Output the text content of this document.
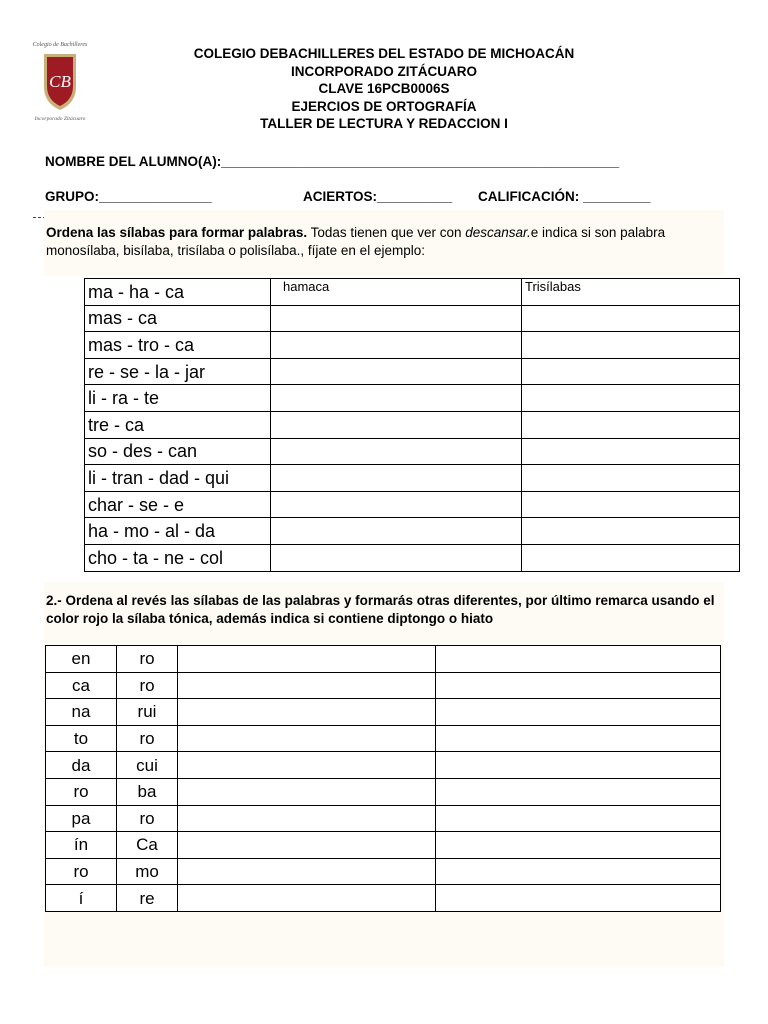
Colegio de Bachilleres
CB
Incorporado Zitácuaro
COLEGIO DEBACHILLERES DEL ESTADO DE MICHOACÁN
INCORPORADO ZITÁCUARO
CLAVE 16PCB0006S
EJERCIOS DE ORTOGRAFÍA
TALLER DE LECTURA Y REDACCION I
NOMBRE DEL ALUMNO(A):_____________________________________________________
GRUPO:_______________	ACIERTOS:__________ CALIFICACIÓN: _________
Ordena las sílabas para formar palabras. Todas tienen que ver con descansar.e indica si son palabra monosílaba, bisílaba, trisílaba o polisílaba., fíjate en el ejemplo:
ma - ha - ca	hamaca	Trisílabas
mas - ca		
mas - tro - ca		
re - se - la - jar		
li - ra - te		
tre - ca		
so - des - can		
li - tran - dad - qui		
char - se - e		
ha - mo - al - da		
cho - ta - ne - col		
2.- Ordena al revés las sílabas de las palabras y formarás otras diferentes, por último remarca usando el color rojo la sílaba tónica, además indica si contiene diptongo o hiato
en	ro		
ca	ro		
na	rui		
to	ro		
da	cui		
ro	ba		
pa	ro		
ín	Ca		
ro	mo		
í	re		
